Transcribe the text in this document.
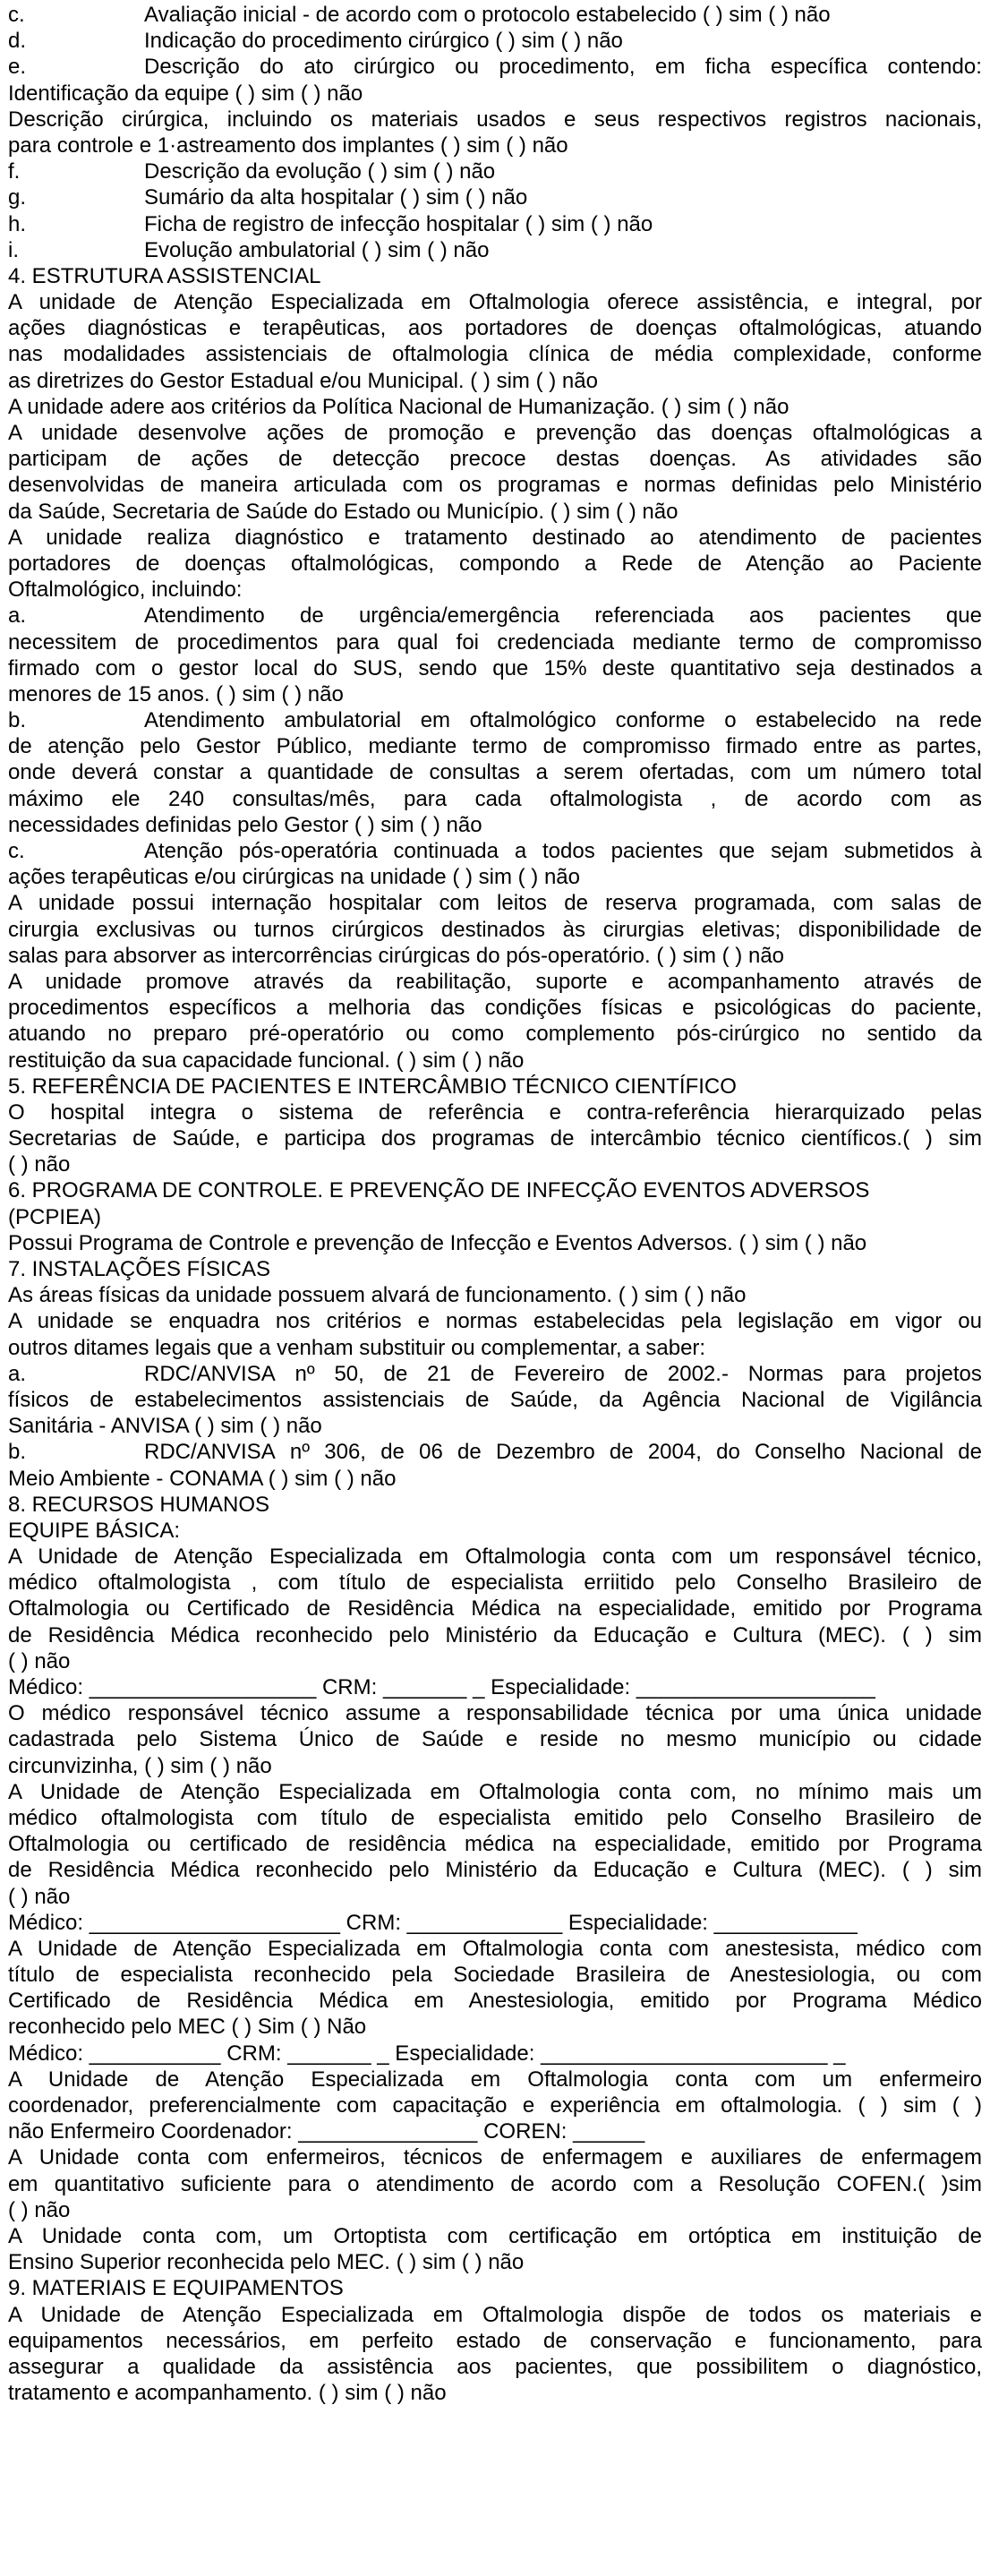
c.	Avaliação inicial - de acordo com o protocolo estabelecido ( ) sim ( ) não
d.	Indicação do procedimento cirúrgico ( ) sim ( ) não
e.	Descrição do ato cirúrgico ou procedimento, em ficha específica contendo:
Identificação da equipe ( ) sim ( ) não
Descrição cirúrgica, incluindo os materiais usados e seus respectivos registros nacionais,
para controle e 1·astreamento dos implantes ( ) sim ( ) não
f.	Descrição da evolução ( ) sim ( ) não
g.	Sumário da alta hospitalar ( ) sim ( ) não
h.	Ficha de registro de infecção hospitalar ( ) sim ( ) não
i.	Evolução ambulatorial ( ) sim ( ) não
4. ESTRUTURA ASSISTENCIAL
A unidade de Atenção Especializada em Oftalmologia oferece assistência, e integral, por
ações diagnósticas e terapêuticas, aos portadores de doenças oftalmológicas, atuando
nas modalidades assistenciais de oftalmologia clínica de média complexidade, conforme
as diretrizes do Gestor Estadual e/ou Municipal. ( ) sim ( ) não
A unidade adere aos critérios da Política Nacional de Humanização. ( ) sim ( ) não
A unidade desenvolve ações de promoção e prevenção das doenças oftalmológicas a
participam de ações de detecção precoce destas doenças. As atividades são
desenvolvidas de maneira articulada com os programas e normas definidas pelo Ministério
da Saúde, Secretaria de Saúde do Estado ou Município. ( ) sim ( ) não
A unidade realiza diagnóstico e tratamento destinado ao atendimento de pacientes
portadores de doenças oftalmológicas, compondo a Rede de Atenção ao Paciente
Oftalmológico, incluindo:
a.	Atendimento de urgência/emergência referenciada aos pacientes que
necessitem de procedimentos para qual foi credenciada mediante termo de compromisso
firmado com o gestor local do SUS, sendo que 15% deste quantitativo seja destinados a
menores de 15 anos. ( ) sim ( ) não
b.	Atendimento ambulatorial em oftalmológico conforme o estabelecido na rede
de atenção pelo Gestor Público, mediante termo de compromisso firmado entre as partes,
onde deverá constar a quantidade de consultas a serem ofertadas, com um número total
máximo ele 240 consultas/mês, para cada oftalmologista , de acordo com as
necessidades definidas pelo Gestor ( ) sim ( ) não
c.	Atenção pós-operatória continuada a todos pacientes que sejam submetidos à
ações terapêuticas e/ou cirúrgicas na unidade ( ) sim ( ) não
A unidade possui internação hospitalar com leitos de reserva programada, com salas de
cirurgia exclusivas ou turnos cirúrgicos destinados às cirurgias eletivas; disponibilidade de
salas para absorver as intercorrências cirúrgicas do pós-operatório. ( ) sim ( ) não
A unidade promove através da reabilitação, suporte e acompanhamento através de
procedimentos específicos a melhoria das condições físicas e psicológicas do paciente,
atuando no preparo pré-operatório ou como complemento pós-cirúrgico no sentido da
restituição da sua capacidade funcional. ( ) sim ( ) não
5. REFERÊNCIA DE PACIENTES E INTERCÂMBIO TÉCNICO CIENTÍFICO
O hospital integra o sistema de referência e contra-referência hierarquizado pelas
Secretarias de Saúde, e participa dos programas de intercâmbio técnico científicos.( ) sim
( ) não
6. PROGRAMA DE CONTROLE. E PREVENÇÃO DE INFECÇÃO EVENTOS ADVERSOS
(PCPIEA)
Possui Programa de Controle e prevenção de Infecção e Eventos Adversos. ( ) sim ( ) não
7. INSTALAÇÕES FÍSICAS
As áreas físicas da unidade possuem alvará de funcionamento. ( ) sim ( ) não
A unidade se enquadra nos critérios e normas estabelecidas pela legislação em vigor ou
outros ditames legais que a venham substituir ou complementar, a saber:
a.	RDC/ANVISA nº 50, de 21 de Fevereiro de 2002.- Normas para projetos
físicos de estabelecimentos assistenciais de Saúde, da Agência Nacional de Vigilância
Sanitária - ANVISA ( ) sim ( ) não
b.	RDC/ANVISA nº 306, de 06 de Dezembro de 2004, do Conselho Nacional de
Meio Ambiente - CONAMA ( ) sim ( ) não
8. RECURSOS HUMANOS
EQUIPE BÁSICA:
A Unidade de Atenção Especializada em Oftalmologia conta com um responsável técnico,
médico oftalmologista , com título de especialista erriitido pelo Conselho Brasileiro de
Oftalmologia ou Certificado de Residência Médica na especialidade, emitido por Programa
de Residência Médica reconhecido pelo Ministério da Educação e Cultura (MEC). ( ) sim
( ) não
Médico: ___________________ CRM: _______ _ Especialidade: ____________________
O médico responsável técnico assume a responsabilidade técnica por uma única unidade
cadastrada pelo Sistema Único de Saúde e reside no mesmo município ou cidade
circunvizinha, ( ) sim ( ) não
A Unidade de Atenção Especializada em Oftalmologia conta com, no mínimo mais um
médico oftalmologista com título de especialista emitido pelo Conselho Brasileiro de
Oftalmologia ou certificado de residência médica na especialidade, emitido por Programa
de Residência Médica reconhecido pelo Ministério da Educação e Cultura (MEC). ( ) sim
( ) não
Médico: _____________________ CRM: _____________ Especialidade: ____________
A Unidade de Atenção Especializada em Oftalmologia conta com anestesista, médico com
título de especialista reconhecido pela Sociedade Brasileira de Anestesiologia, ou com
Certificado de Residência Médica em Anestesiologia, emitido por Programa Médico
reconhecido pelo MEC ( ) Sim ( ) Não
Médico: ___________ CRM: _______ _ Especialidade: ________________________ _
A Unidade de Atenção Especializada em Oftalmologia conta com um enfermeiro
coordenador, preferencialmente com capacitação e experiência em oftalmologia. ( ) sim ( )
não Enfermeiro Coordenador: _______________ COREN: ______
A Unidade conta com enfermeiros, técnicos de enfermagem e auxiliares de enfermagem
em quantitativo suficiente para o atendimento de acordo com a Resolução COFEN.( )sim
( ) não
A Unidade conta com, um Ortoptista com certificação em ortóptica em instituição de
Ensino Superior reconhecida pelo MEC. ( ) sim ( ) não
9. MATERIAIS E EQUIPAMENTOS
A Unidade de Atenção Especializada em Oftalmologia dispõe de todos os materiais e
equipamentos necessários, em perfeito estado de conservação e funcionamento, para
assegurar a qualidade da assistência aos pacientes, que possibilitem o diagnóstico,
tratamento e acompanhamento. ( ) sim ( ) não
